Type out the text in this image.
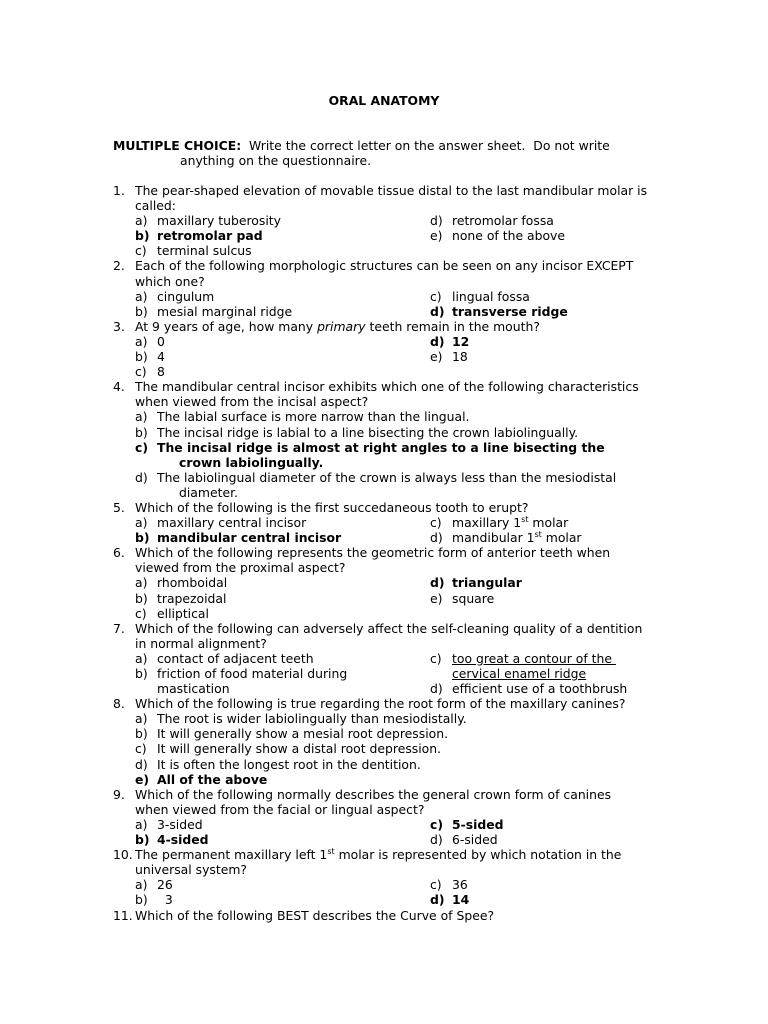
ORAL ANATOMY
MULTIPLE CHOICE:  Write the correct letter on the answer sheet.  Do not write
anything on the questionnaire.
1. The pear-shaped elevation of movable tissue distal to the last mandibular molar is
called:
a) maxillary tuberosity	d) retromolar fossa
b) retromolar pad	e) none of the above
c) terminal sulcus
2. Each of the following morphologic structures can be seen on any incisor EXCEPT
which one?
a) cingulum	c) lingual fossa
b) mesial marginal ridge	d) transverse ridge
3. At 9 years of age, how many primary teeth remain in the mouth?
a) 0	d) 12
b) 4	e) 18
c) 8
4. The mandibular central incisor exhibits which one of the following characteristics
when viewed from the incisal aspect?
a) The labial surface is more narrow than the lingual.
b) The incisal ridge is labial to a line bisecting the crown labiolingually.
c) The incisal ridge is almost at right angles to a line bisecting the
crown labiolingually.
d) The labiolingual diameter of the crown is always less than the mesiodistal
diameter.
5. Which of the following is the first succedaneous tooth to erupt?
a) maxillary central incisor	c) maxillary 1st molar
b) mandibular central incisor	d) mandibular 1st molar
6. Which of the following represents the geometric form of anterior teeth when
viewed from the proximal aspect?
a) rhomboidal	d) triangular
b) trapezoidal	e) square
c) elliptical
7. Which of the following can adversely affect the self-cleaning quality of a dentition
in normal alignment?
a) contact of adjacent teeth	c) too great a contour of the
b) friction of food material during	cervical enamel ridge
mastication	d) efficient use of a toothbrush
8. Which of the following is true regarding the root form of the maxillary canines?
a) The root is wider labiolingually than mesiodistally.
b) It will generally show a mesial root depression.
c) It will generally show a distal root depression.
d) It is often the longest root in the dentition.
e) All of the above
9. Which of the following normally describes the general crown form of canines
when viewed from the facial or lingual aspect?
a) 3-sided	c) 5-sided
b) 4-sided	d) 6-sided
10. The permanent maxillary left 1st molar is represented by which notation in the
universal system?
a) 26	c) 36
b) 3	d) 14
11. Which of the following BEST describes the Curve of Spee?
